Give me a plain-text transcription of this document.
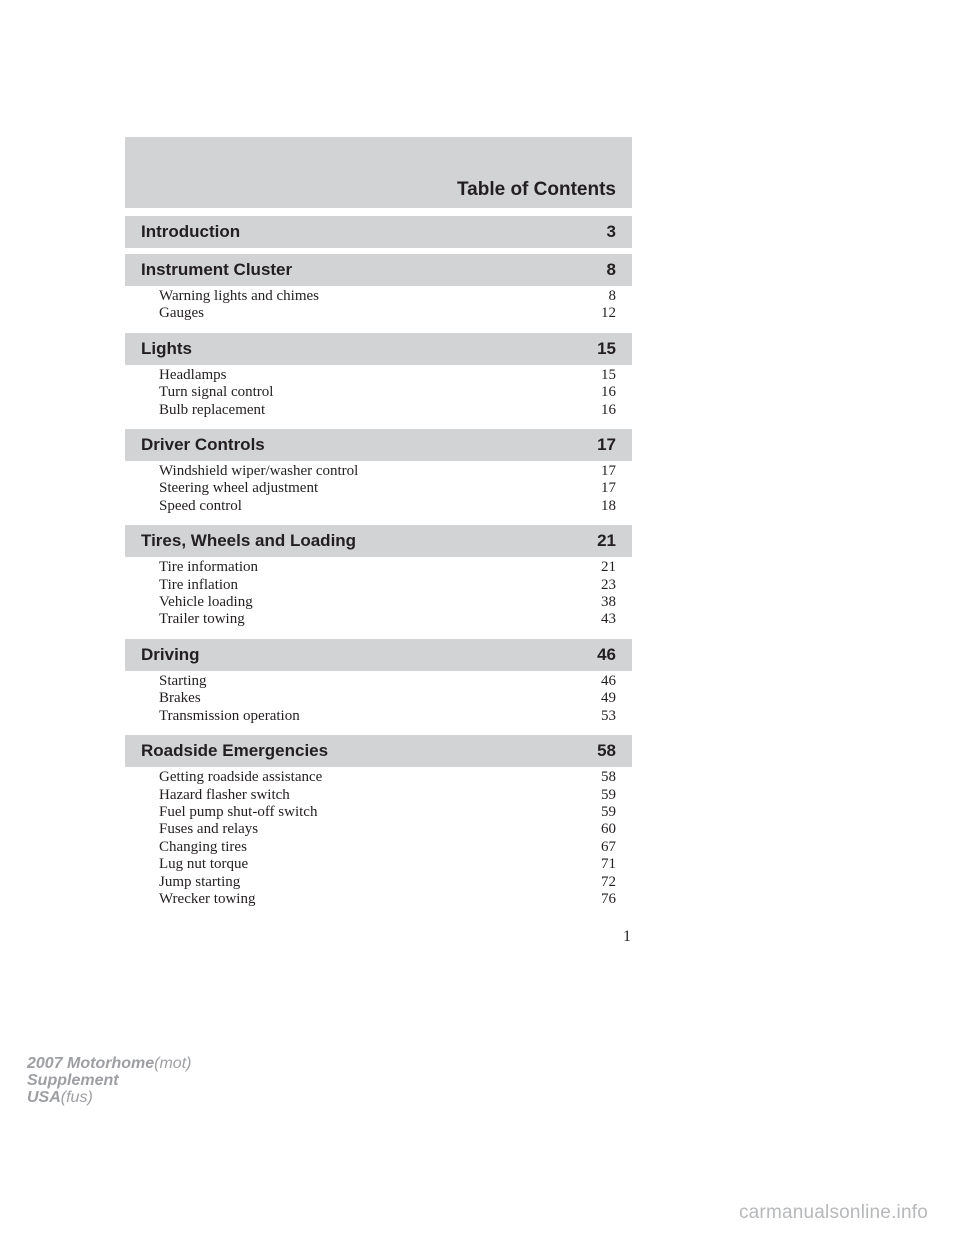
Table of Contents
Introduction	3
Instrument Cluster	8
Warning lights and chimes	8
Gauges	12
Lights	15
Headlamps	15
Turn signal control	16
Bulb replacement	16
Driver Controls	17
Windshield wiper/washer control	17
Steering wheel adjustment	17
Speed control	18
Tires, Wheels and Loading	21
Tire information	21
Tire inflation	23
Vehicle loading	38
Trailer towing	43
Driving	46
Starting	46
Brakes	49
Transmission operation	53
Roadside Emergencies	58
Getting roadside assistance	58
Hazard flasher switch	59
Fuel pump shut-off switch	59
Fuses and relays	60
Changing tires	67
Lug nut torque	71
Jump starting	72
Wrecker towing	76
1
2007 Motorhome(mot)
Supplement
USA(fus)
carmanualsonline.info
